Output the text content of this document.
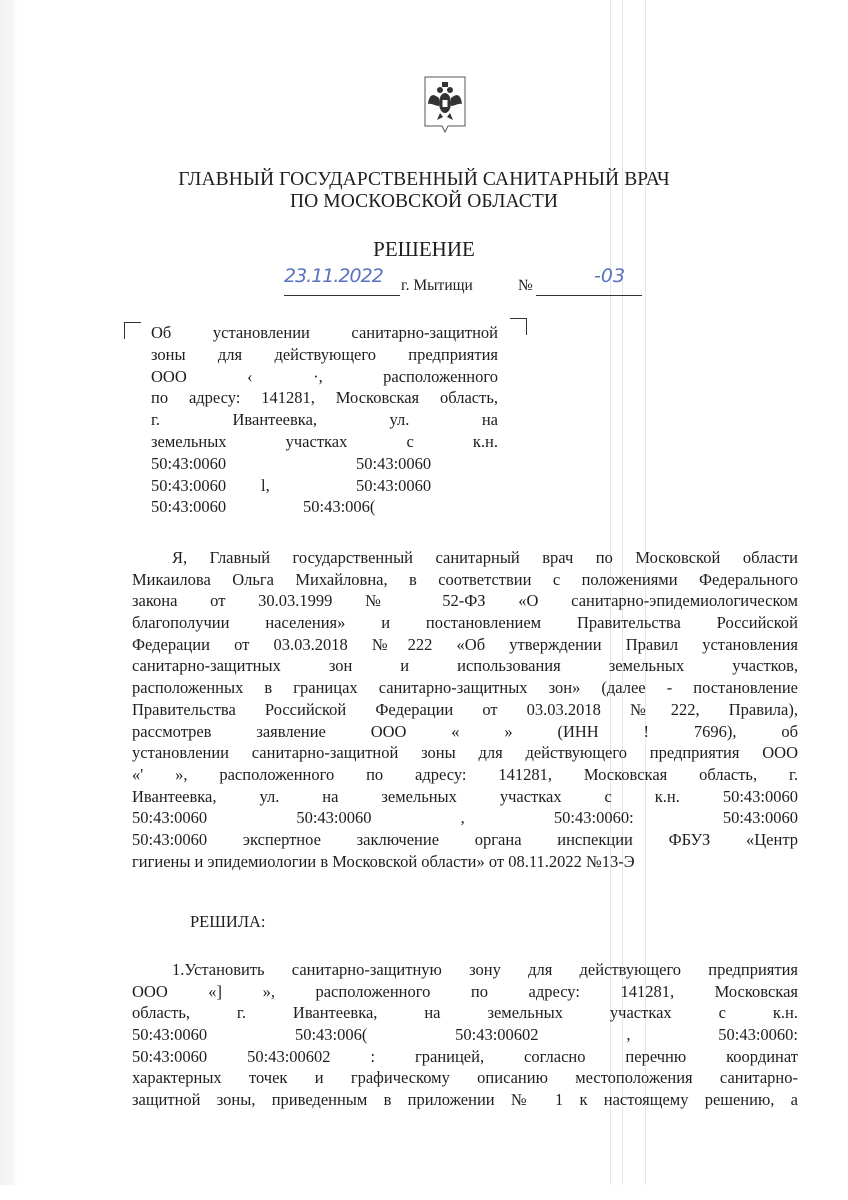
ГЛАВНЫЙ ГОСУДАРСТВЕННЫЙ САНИТАРНЫЙ ВРАЧ
ПО МОСКОВСКОЙ ОБЛАСТИ
РЕШЕНИЕ
23.11.2022 г. Мытищи	№	-03
Об установлении санитарно-защитной
зоны для действующего предприятия
ООО ‹ ·, расположенного
по адресу: 141281, Московская область,
г. Ивантеевка, ул. на
земельных участках с к.н.
50:43:0060	50:43:0060
50:43:0060 l,	50:43:0060
50:43:0060	50:43:006(
Я, Главный государственный санитарный врач по Московской области
Микаилова Ольга Михайловна, в соответствии с положениями Федерального
закона от 30.03.1999 № 52-ФЗ «О санитарно-эпидемиологическом
благополучии населения» и постановлением Правительства Российской
Федерации от 03.03.2018 №222 «Об утверждении Правил установления
санитарно-защитных зон и использования земельных участков,
расположенных в границах санитарно-защитных зон» (далее - постановление
Правительства Российской Федерации от 03.03.2018 №222, Правила),
рассмотрев заявление ООО « » (ИНН ! 7696), об
установлении санитарно-защитной зоны для действующего предприятия ООО
«' », расположенного по адресу: 141281, Московская область, г.
Ивантеевка, ул. на земельных участках с к.н. 50:43:0060
50:43:0060 50:43:0060 , 50:43:0060: 50:43:0060
50:43:0060 экспертное заключение органа инспекции ФБУЗ «Центр
гигиены и эпидемиологии в Московской области» от 08.11.2022 №13-Э
РЕШИЛА:
1.Установить санитарно-защитную зону для действующего предприятия
ООО «] », расположенного по адресу: 141281, Московская
область, г. Ивантеевка, на земельных участках с к.н.
50:43:0060 50:43:006( 50:43:00602 , 50:43:0060:
50:43:0060 50:43:00602 : границей, согласно перечню координат
характерных точек и графическому описанию местоположения санитарно-
защитной зоны, приведенным в приложении № 1 к настоящему решению, а
